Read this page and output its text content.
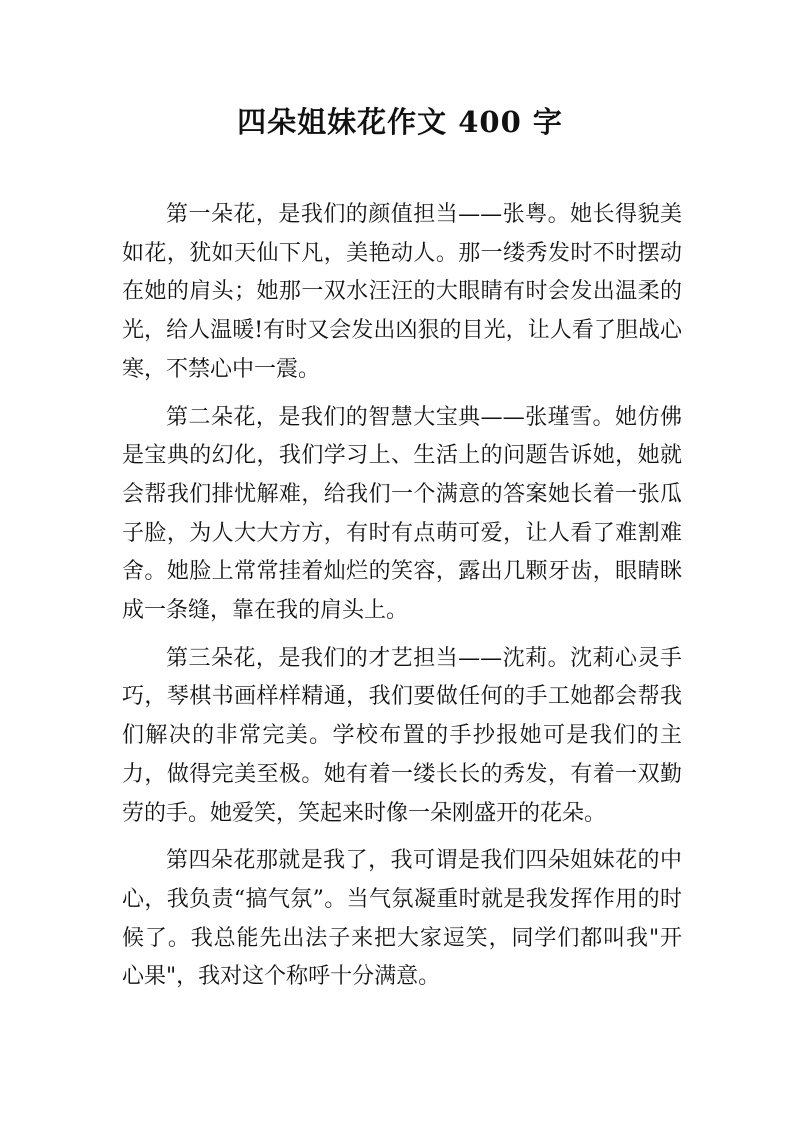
四朵姐妹花作文 400 字

第一朵花，是我们的颜值担当——张粤。她长得貌美如花，犹如天仙下凡，美艳动人。那一缕秀发时不时摆动在她的肩头；她那一双水汪汪的大眼睛有时会发出温柔的光，给人温暖!有时又会发出凶狠的目光，让人看了胆战心寒，不禁心中一震。

第二朵花，是我们的智慧大宝典——张瑾雪。她仿佛是宝典的幻化，我们学习上、生活上的问题告诉她，她就会帮我们排忧解难，给我们一个满意的答案她长着一张瓜子脸，为人大大方方，有时有点萌可爱，让人看了难割难舍。她脸上常常挂着灿烂的笑容，露出几颗牙齿，眼睛眯成一条缝，靠在我的肩头上。

第三朵花，是我们的才艺担当——沈莉。沈莉心灵手巧，琴棋书画样样精通，我们要做任何的手工她都会帮我们解决的非常完美。学校布置的手抄报她可是我们的主力，做得完美至极。她有着一缕长长的秀发，有着一双勤劳的手。她爱笑，笑起来时像一朵刚盛开的花朵。

第四朵花那就是我了，我可谓是我们四朵姐妹花的中心，我负责“搞气氛”。当气氛凝重时就是我发挥作用的时候了。我总能先出法子来把大家逗笑，同学们都叫我"开心果"，我对这个称呼十分满意。
